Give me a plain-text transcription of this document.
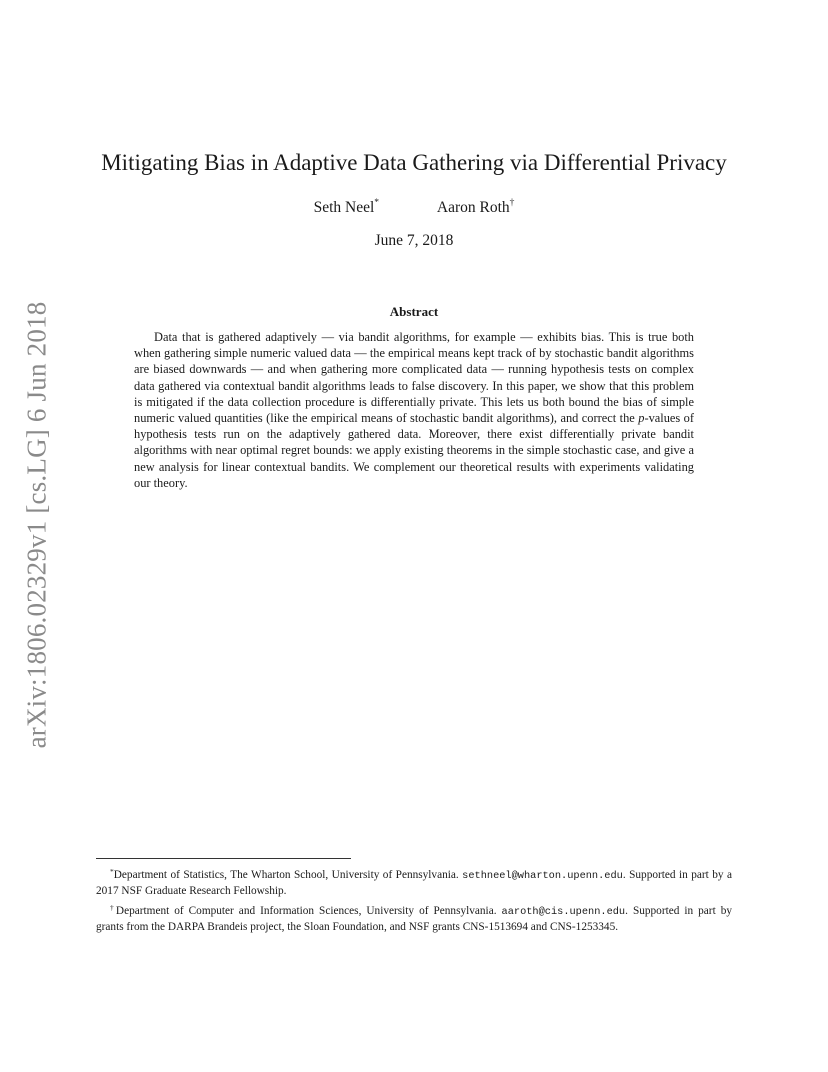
arXiv:1806.02329v1 [cs.LG] 6 Jun 2018
Mitigating Bias in Adaptive Data Gathering via Differential Privacy
Seth Neel*	Aaron Roth†
June 7, 2018
Abstract

Data that is gathered adaptively — via bandit algorithms, for example — exhibits bias. This is true both when gathering simple numeric valued data — the empirical means kept track of by stochastic bandit algorithms are biased downwards — and when gathering more complicated data — running hypothesis tests on complex data gathered via contextual bandit algorithms leads to false discovery. In this paper, we show that this problem is mitigated if the data collection procedure is differentially private. This lets us both bound the bias of simple numeric valued quantities (like the empirical means of stochastic bandit algorithms), and correct the p-values of hypothesis tests run on the adaptively gathered data. Moreover, there exist differentially private bandit algorithms with near optimal regret bounds: we apply existing theorems in the simple stochastic case, and give a new analysis for linear contextual bandits. We complement our theoretical results with experiments validating our theory.

*Department of Statistics, The Wharton School, University of Pennsylvania. sethneel@wharton.upenn.edu. Supported in part by a 2017 NSF Graduate Research Fellowship.

†Department of Computer and Information Sciences, University of Pennsylvania. aaroth@cis.upenn.edu. Supported in part by grants from the DARPA Brandeis project, the Sloan Foundation, and NSF grants CNS-1513694 and CNS-1253345.
